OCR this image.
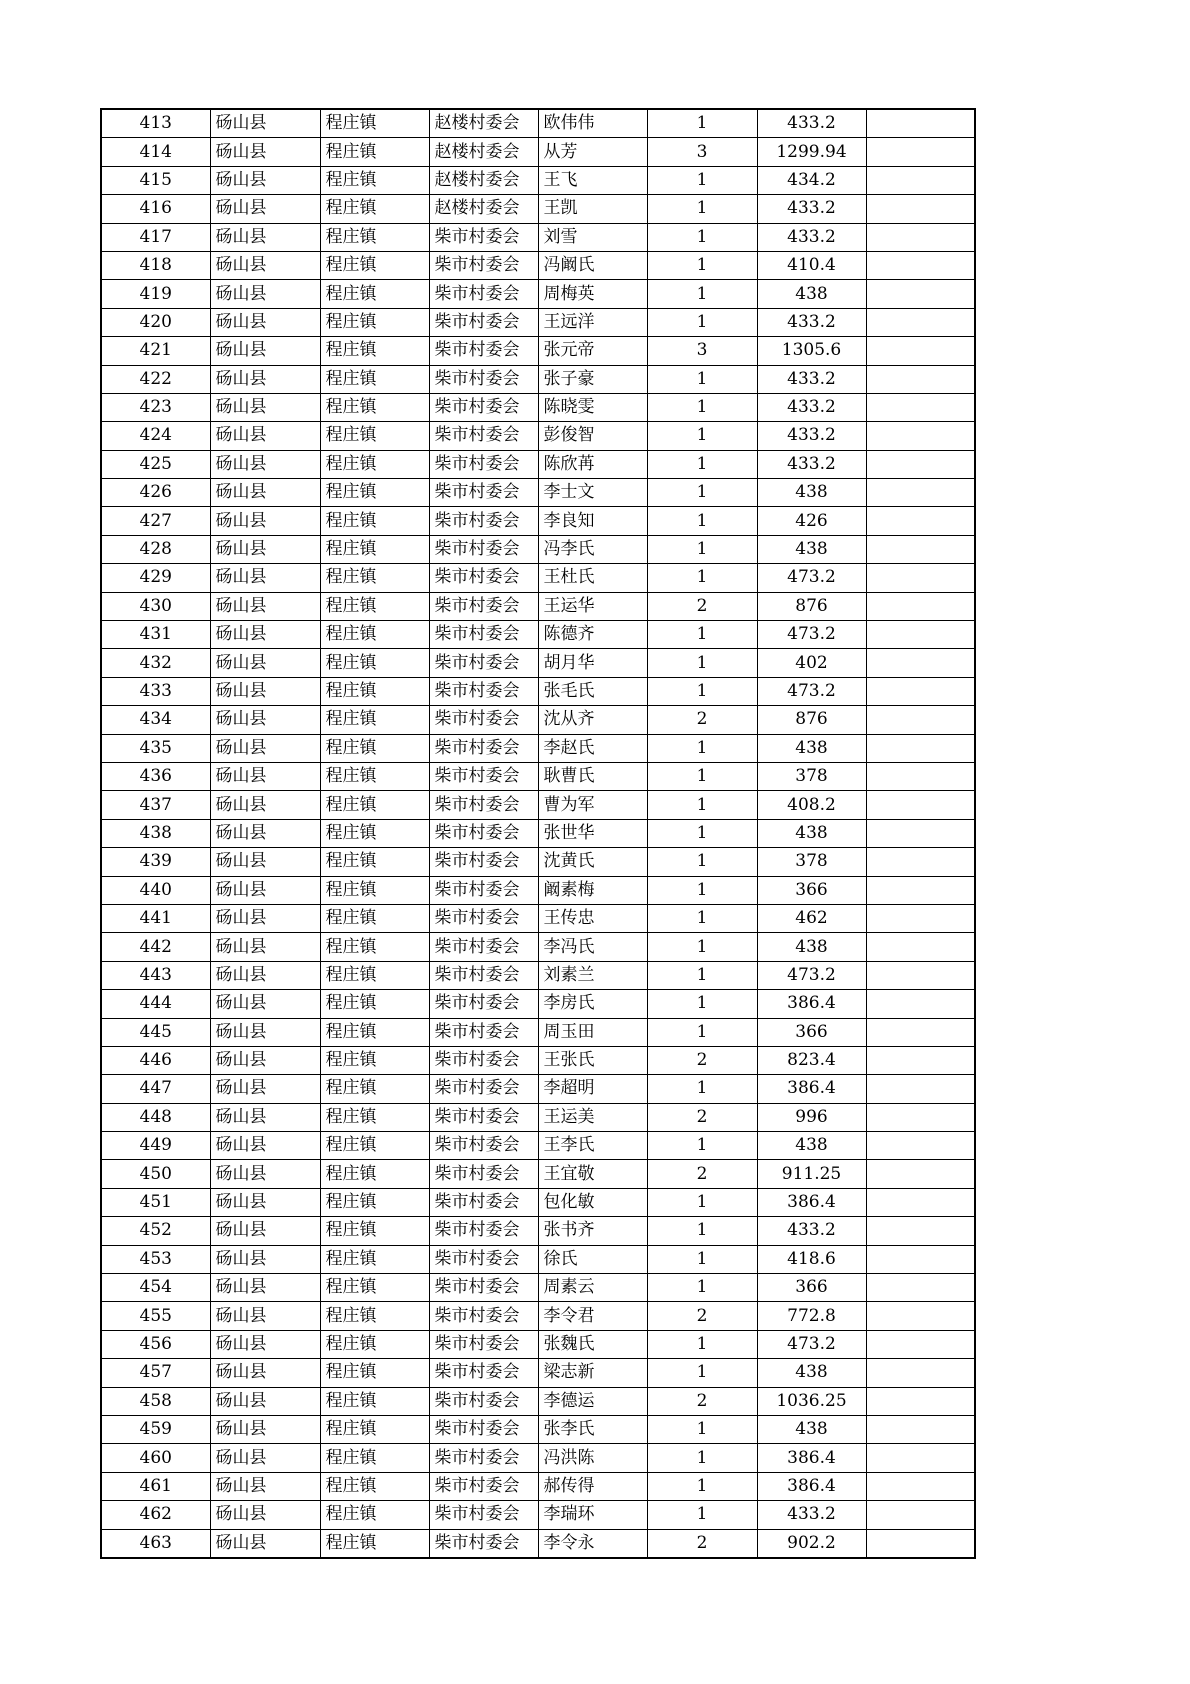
413	砀山县	程庄镇	赵楼村委会	欧伟伟	1	433.2	
414	砀山县	程庄镇	赵楼村委会	从芳	3	1299.94	
415	砀山县	程庄镇	赵楼村委会	王飞	1	434.2	
416	砀山县	程庄镇	赵楼村委会	王凯	1	433.2	
417	砀山县	程庄镇	柴市村委会	刘雪	1	433.2	
418	砀山县	程庄镇	柴市村委会	冯阚氏	1	410.4	
419	砀山县	程庄镇	柴市村委会	周梅英	1	438	
420	砀山县	程庄镇	柴市村委会	王远洋	1	433.2	
421	砀山县	程庄镇	柴市村委会	张元帝	3	1305.6	
422	砀山县	程庄镇	柴市村委会	张子豪	1	433.2	
423	砀山县	程庄镇	柴市村委会	陈晓雯	1	433.2	
424	砀山县	程庄镇	柴市村委会	彭俊智	1	433.2	
425	砀山县	程庄镇	柴市村委会	陈欣苒	1	433.2	
426	砀山县	程庄镇	柴市村委会	李士文	1	438	
427	砀山县	程庄镇	柴市村委会	李良知	1	426	
428	砀山县	程庄镇	柴市村委会	冯李氏	1	438	
429	砀山县	程庄镇	柴市村委会	王杜氏	1	473.2	
430	砀山县	程庄镇	柴市村委会	王运华	2	876	
431	砀山县	程庄镇	柴市村委会	陈德齐	1	473.2	
432	砀山县	程庄镇	柴市村委会	胡月华	1	402	
433	砀山县	程庄镇	柴市村委会	张毛氏	1	473.2	
434	砀山县	程庄镇	柴市村委会	沈从齐	2	876	
435	砀山县	程庄镇	柴市村委会	李赵氏	1	438	
436	砀山县	程庄镇	柴市村委会	耿曹氏	1	378	
437	砀山县	程庄镇	柴市村委会	曹为军	1	408.2	
438	砀山县	程庄镇	柴市村委会	张世华	1	438	
439	砀山县	程庄镇	柴市村委会	沈黄氏	1	378	
440	砀山县	程庄镇	柴市村委会	阚素梅	1	366	
441	砀山县	程庄镇	柴市村委会	王传忠	1	462	
442	砀山县	程庄镇	柴市村委会	李冯氏	1	438	
443	砀山县	程庄镇	柴市村委会	刘素兰	1	473.2	
444	砀山县	程庄镇	柴市村委会	李房氏	1	386.4	
445	砀山县	程庄镇	柴市村委会	周玉田	1	366	
446	砀山县	程庄镇	柴市村委会	王张氏	2	823.4	
447	砀山县	程庄镇	柴市村委会	李超明	1	386.4	
448	砀山县	程庄镇	柴市村委会	王运美	2	996	
449	砀山县	程庄镇	柴市村委会	王李氏	1	438	
450	砀山县	程庄镇	柴市村委会	王宜敬	2	911.25	
451	砀山县	程庄镇	柴市村委会	包化敏	1	386.4	
452	砀山县	程庄镇	柴市村委会	张书齐	1	433.2	
453	砀山县	程庄镇	柴市村委会	徐氏	1	418.6	
454	砀山县	程庄镇	柴市村委会	周素云	1	366	
455	砀山县	程庄镇	柴市村委会	李令君	2	772.8	
456	砀山县	程庄镇	柴市村委会	张魏氏	1	473.2	
457	砀山县	程庄镇	柴市村委会	梁志新	1	438	
458	砀山县	程庄镇	柴市村委会	李德运	2	1036.25	
459	砀山县	程庄镇	柴市村委会	张李氏	1	438	
460	砀山县	程庄镇	柴市村委会	冯洪陈	1	386.4	
461	砀山县	程庄镇	柴市村委会	郝传得	1	386.4	
462	砀山县	程庄镇	柴市村委会	李瑞环	1	433.2	
463	砀山县	程庄镇	柴市村委会	李令永	2	902.2	
